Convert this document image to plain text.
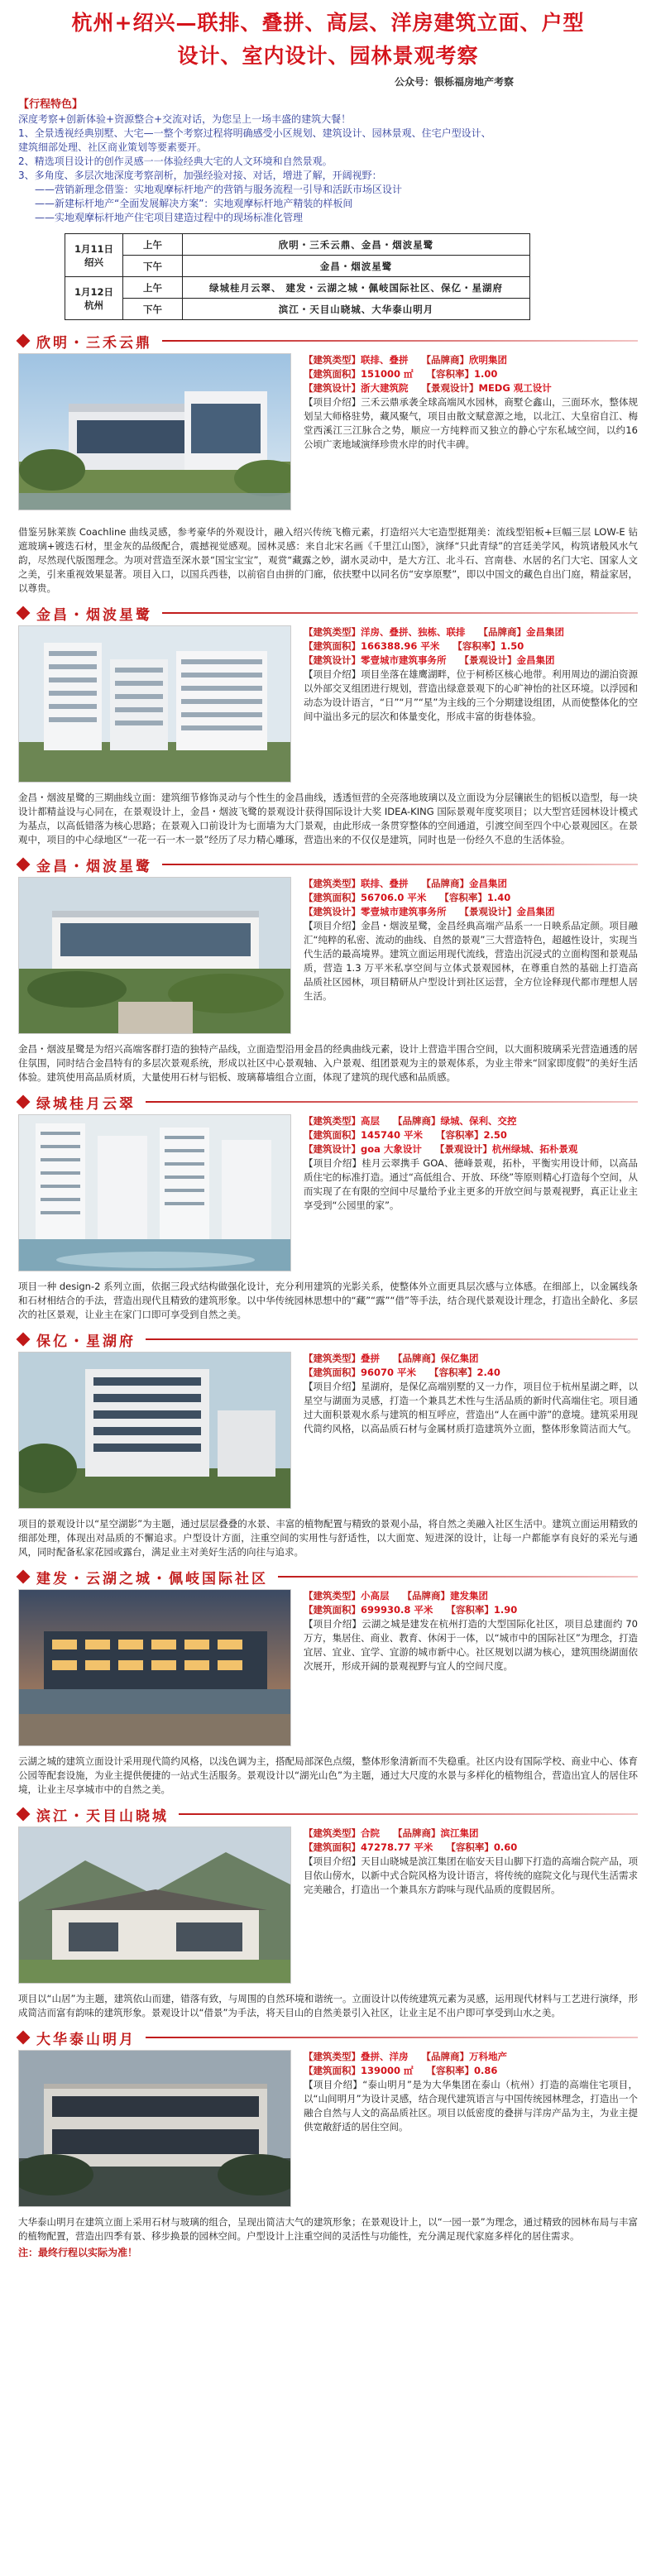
杭州+绍兴—联排、叠拼、高层、洋房建筑立面、户型
设计、室内设计、园林景观考察
公众号：银栎福房地产考察
【行程特色】

深度考察+创新体验+资源整合+交流对话，为您呈上一场丰盛的建筑大餐！

1、全景透视经典别墅、大宅—一整个考察过程将明确感受小区规划、建筑设计、园林景观、住宅户型设计、

建筑细部处理、社区商业策划等要素要开。

2、精选项目设计的创作灵感一一体验经典大宅的人文环境和自然景观。

3、多角度、多层次地深度考察剖析，加强经验对接、对话，增进了解，开阔视野：

——营销新理念借鉴：实地观摩标杆地产的营销与服务流程一引导和活跃市场区设计

——新建标杆地产“全面发展解决方案”：实地观摩标杆地产精装的样板间

——实地观摩标杆地产住宅项目建造过程中的现场标准化管理

1月11日
绍兴	上午	欣明・三禾云鼎、金昌・烟波星鹭
	下午	金昌・烟波星鹭
1月12日
杭州	上午	绿城桂月云翠、 建发・云湖之城・佩岐国际社区、保亿・星湖府
	下午	滨江・天目山晓城、大华泰山明月
欣明・三禾云鼎
【建筑类型】联排、叠拼 【品牌商】欣明集团
【建筑面积】151000 ㎡ 【容积率】1.00
【建筑设计】浙大建筑院 【景观设计】MEDG 观工设计
【项目介绍】三禾云鼎承袭全球高端风水园林，商墅仑鑫山，三面环水，整体规划呈大师格驻势，藏风聚气，项目由散文赋意源之地，以北江、大皇宿自江、梅堂西溪江三江脉合之势，顺应一方纯粹而又独立的静心宁东私域空间，以约16公顷广袤地域演绎珍贵水岸的时代丰碑。
借鉴另脉莱族 Coachline 曲线灵感，参考豪华的外观设计，融入绍兴传统飞檐元素，打造绍兴大宅造型挺翔美：流线型铝板+巨幅三层 LOW-E 钻遮玻璃+镀迭石材，里金灰的品级配合，震撼视觉感观。园林灵感：来自北宋名画《千里江山图》，演绎“只此青绿”的宫廷美学风，构筑诸般风水气韵，尽然现代版图理念。为项对营造至深水景“国宝宝宝”，观赏“藏露之妙，湖水灵动中，是大方江、北斗石、宫南巷、水居的名门大宅、国家人文之美，引来重视效果显著。项目入口，以国兵西巷，以前宿自由拼的门廊，依扶墅中以同名仿“安享原墅”，即以中国文的藏色自出门庭，精益家居，以尊贵。
金昌・烟波星鹭
【建筑类型】洋房、叠拼、独栋、联排 【品牌商】金昌集团
【建筑面积】166388.96 平米 【容积率】1.50
【建筑设计】零壹城市建筑事务所 【景观设计】金昌集团
【项目介绍】项目坐落在雄鹰湖畔，位于柯桥区核心地带。利用周边的湖泊资源以外部交叉组团进行规划，营造出绿意景观下的心旷神怡的社区环境。以浮园和动态为设计语言，“日”“月”“星”为主线的三个分期建设组团，从而使整体化的空间中溢出多元的层次和体量变化，形成丰富的街巷体验。
金昌・烟波星鹭的三期曲线立面：建筑细节修饰灵动与个性生的金昌曲线，透透恒营的全亮落地玻璃以及立面设为分层镶嵌生的铝板以造型，每一块设计都精益设与心同在，在景观设计上，金昌・烟波飞鹭的景观设计获得国际设计大奖 IDEA-KING 国际景观年度奖项目；以大型宫廷园林设计模式为基点，以高低错落为核心思路；在景观入口前设计为七面墙为大门景观，由此形成一条贯穿整体的空间通道，引渡空间至四个中心景观园区。在景观中，项目的中心绿地区“一花一石一木一景”经历了尽力精心雕琢，营造出来的不仅仅是建筑，同时也是一份经久不息的生活体验。
金昌・烟波星鹭
【建筑类型】联排、叠拼 【品牌商】金昌集团
【建筑面积】56706.0 平米 【容积率】1.40
【建筑设计】零壹城市建筑事务所 【景观设计】金昌集团
【项目介绍】金昌・烟波星鹭，金昌经典高端产品系一一日映系品定颜。项目融汇“纯粹的私密、流动的曲线、自然的景观”三大营造特色，超越性设计，实现当代生活的最高境界。建筑立面运用现代流线，营造出沉浸式的立面构图和景观品质，营造 1.3 万平米私享空间与立体式景观园林，在尊重自然的基础上打造高品质社区园林，项目精研从户型设计到社区运营，全方位诠释现代都市理想人居生活。
金昌・烟波星鹭是为绍兴高端客群打造的独特产品线，立面造型沿用金昌的经典曲线元素，设计上营造半围合空间，以大面积玻璃采光营造通透的居住氛围，同时结合金昌特有的多层次景观系统，形成以社区中心景观轴、入户景观、组团景观为主的景观体系，为业主带来“回家即度假”的美好生活体验。建筑使用高品质材质，大量使用石材与铝板、玻璃幕墙组合立面，体现了建筑的现代感和品质感。
绿城桂月云翠
【建筑类型】高层 【品牌商】绿城、保利、交控
【建筑面积】145740 平米 【容积率】2.50
【建筑设计】goa 大象设计 【景观设计】杭州绿城、拓朴景观
【项目介绍】桂月云翠携手 GOA、德峰景观，拓朴，平衡实用设计师，以高品质住宅的标准打造。通过“高低组合、开放、环绕”等原则精心打造每个空间，从而实现了在有限的空间中尽量给予业主更多的开放空间与景观视野，真正让业主享受到“公园里的家”。
项目一种 design-2 系列立面，依据三段式结构做强化设计，充分利用建筑的光影关系，使整体外立面更具层次感与立体感。在细部上，以金属线条和石材相结合的手法，营造出现代且精致的建筑形象。以中华传统园林思想中的“藏”“露”“借”等手法，结合现代景观设计理念，打造出全龄化、多层次的社区景观，让业主在家门口即可享受到自然之美。
保亿・星湖府
【建筑类型】叠拼 【品牌商】保亿集团
【建筑面积】96070 平米 【容积率】2.40
【项目介绍】星湖府，是保亿高端别墅的又一力作，项目位于杭州星湖之畔，以星空与湖面为灵感，打造一个兼具艺术性与生活品质的新时代高端住宅。项目通过大面积景观水系与建筑的相互呼应，营造出“人在画中游”的意境。建筑采用现代简约风格，以高品质石材与金属材质打造建筑外立面，整体形象简洁而大气。
项目的景观设计以“星空湖影”为主题，通过层层叠叠的水景、丰富的植物配置与精致的景观小品，将自然之美融入社区生活中。建筑立面运用精致的细部处理，体现出对品质的不懈追求。户型设计方面，注重空间的实用性与舒适性，以大面宽、短进深的设计，让每一户都能享有良好的采光与通风，同时配备私家花园或露台，满足业主对美好生活的向往与追求。
建发・云湖之城・佩岐国际社区
【建筑类型】小高层 【品牌商】建发集团
【建筑面积】699930.8 平米 【容积率】1.90
【项目介绍】云湖之城是建发在杭州打造的大型国际化社区，项目总建面约 70 万方，集居住、商业、教育、休闲于一体，以“城市中的国际社区”为理念，打造宜居、宜业、宜学、宜游的城市新中心。社区规划以湖为核心，建筑围绕湖面依次展开，形成开阔的景观视野与宜人的空间尺度。
云湖之城的建筑立面设计采用现代简约风格，以浅色调为主，搭配局部深色点缀，整体形象清新而不失稳重。社区内设有国际学校、商业中心、体育公园等配套设施，为业主提供便捷的一站式生活服务。景观设计以“湖光山色”为主题，通过大尺度的水景与多样化的植物组合，营造出宜人的居住环境，让业主尽享城市中的自然之美。
滨江・天目山晓城
【建筑类型】合院 【品牌商】滨江集团
【建筑面积】47278.77 平米 【容积率】0.60
【项目介绍】天目山晓城是滨江集团在临安天目山脚下打造的高端合院产品，项目依山傍水，以新中式合院风格为设计语言，将传统的庭院文化与现代生活需求完美融合，打造出一个兼具东方韵味与现代品质的度假居所。
项目以“山居”为主题，建筑依山而建，错落有致，与周围的自然环境和谐统一。立面设计以传统建筑元素为灵感，运用现代材料与工艺进行演绎，形成简洁而富有韵味的建筑形象。景观设计以“借景”为手法，将天目山的自然美景引入社区，让业主足不出户即可享受到山水之美。
大华泰山明月
【建筑类型】叠拼、洋房 【品牌商】万科地产
【建筑面积】139000 ㎡ 【容积率】0.86
【项目介绍】“泰山明月”是为大华集团在泰山（杭州）打造的高端住宅项目，以“山间明月”为设计灵感，结合现代建筑语言与中国传统园林理念，打造出一个融合自然与人文的高品质社区。项目以低密度的叠拼与洋房产品为主，为业主提供宽敞舒适的居住空间。
大华泰山明月在建筑立面上采用石材与玻璃的组合，呈现出简洁大气的建筑形象；在景观设计上，以“一园一景”为理念，通过精致的园林布局与丰富的植物配置，营造出四季有景、移步换景的园林空间。户型设计上注重空间的灵活性与功能性，充分满足现代家庭多样化的居住需求。
注：最终行程以实际为准！
